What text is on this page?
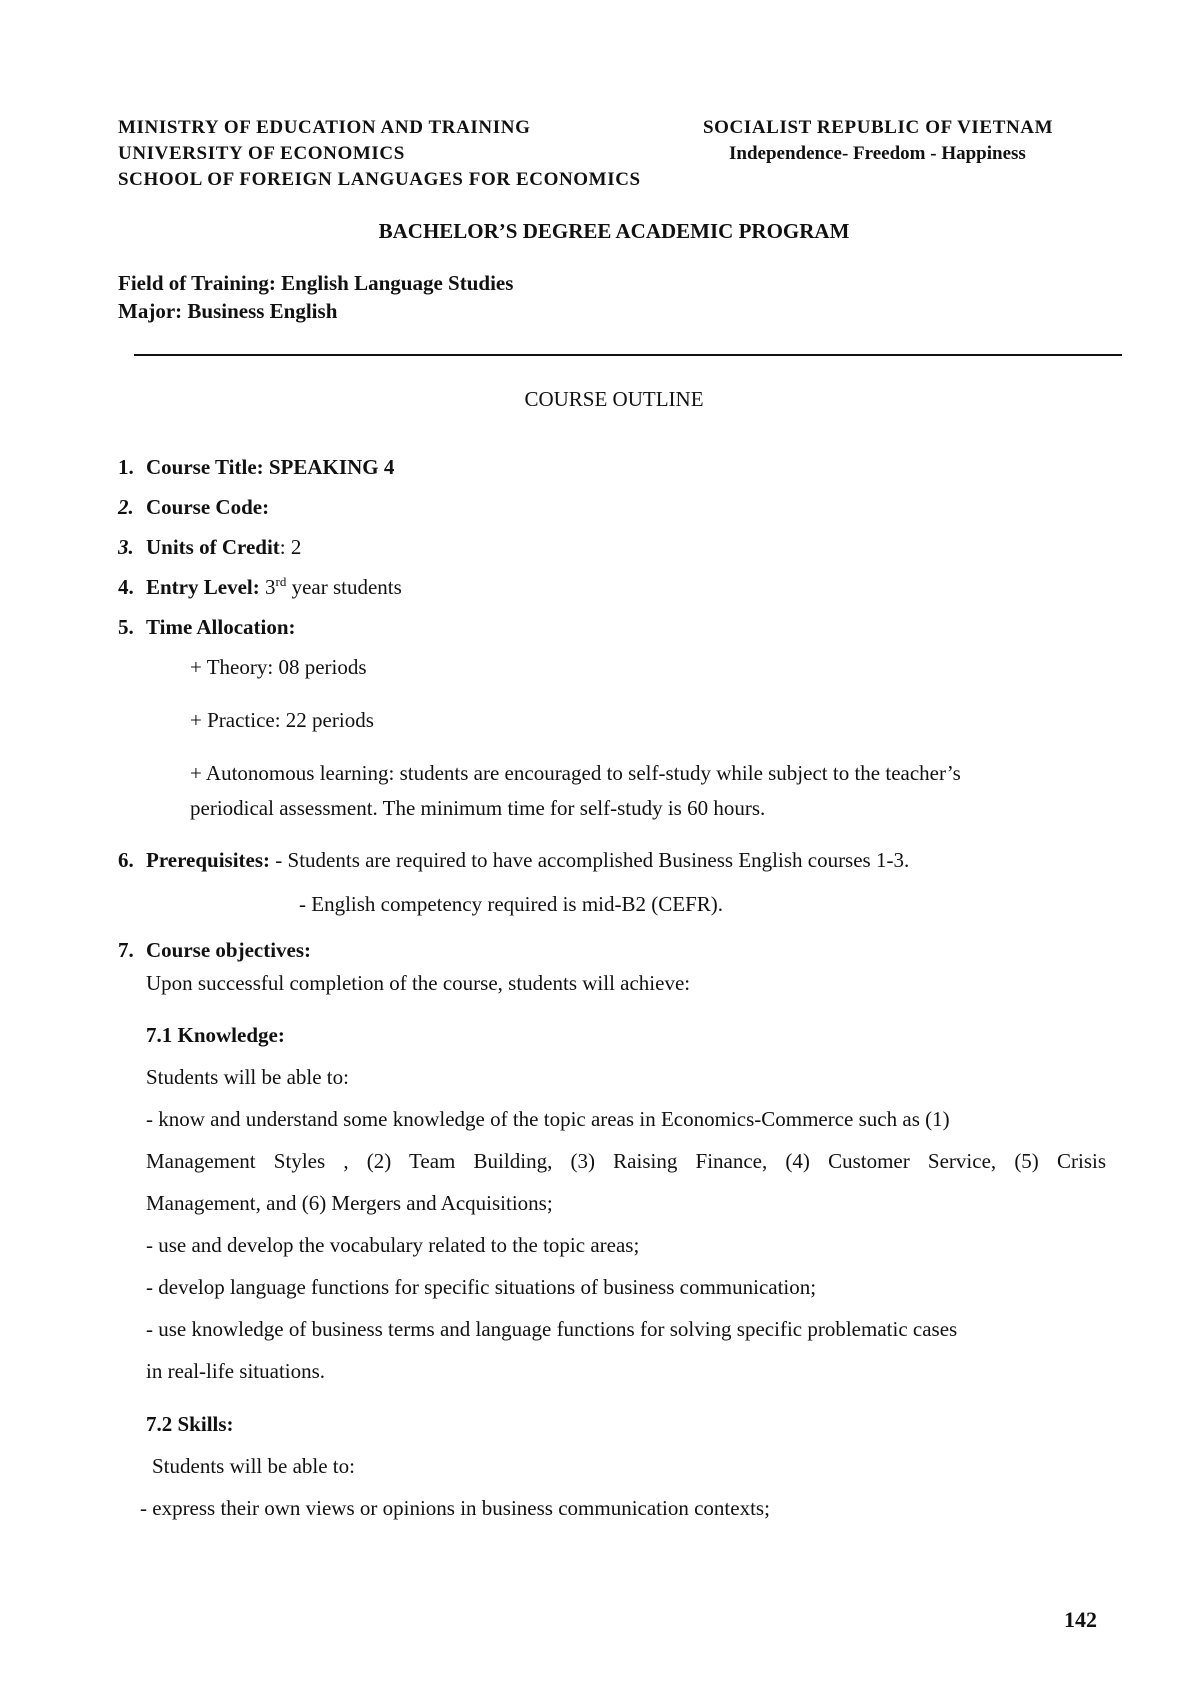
MINISTRY OF EDUCATION AND TRAINING
UNIVERSITY OF ECONOMICS
SCHOOL OF FOREIGN LANGUAGES FOR ECONOMICS
SOCIALIST REPUBLIC OF VIETNAM
Independence- Freedom - Happiness
BACHELOR’S DEGREE ACADEMIC PROGRAM
Field of Training: English Language Studies
Major: Business English
COURSE OUTLINE
1. Course Title: SPEAKING 4
2. Course Code:
3. Units of Credit: 2
4. Entry Level: 3rd year students
5. Time Allocation:
+ Theory: 08 periods
+ Practice: 22 periods
+ Autonomous learning: students are encouraged to self-study while subject to the teacher’s
periodical assessment. The minimum time for self-study is 60 hours.
6. Prerequisites: - Students are required to have accomplished Business English courses 1-3.
- English competency required is mid-B2 (CEFR).
7. Course objectives:
Upon successful completion of the course, students will achieve:
7.1 Knowledge:
Students will be able to:
- know and understand some knowledge of the topic areas in Economics-Commerce such as (1)
Management Styles , (2) Team Building, (3) Raising Finance, (4) Customer Service, (5) Crisis
Management, and (6) Mergers and Acquisitions;
- use and develop the vocabulary related to the topic areas;
- develop language functions for specific situations of business communication;
- use knowledge of business terms and language functions for solving specific problematic cases
in real-life situations.
7.2 Skills:
Students will be able to:
- express their own views or opinions in business communication contexts;
142
